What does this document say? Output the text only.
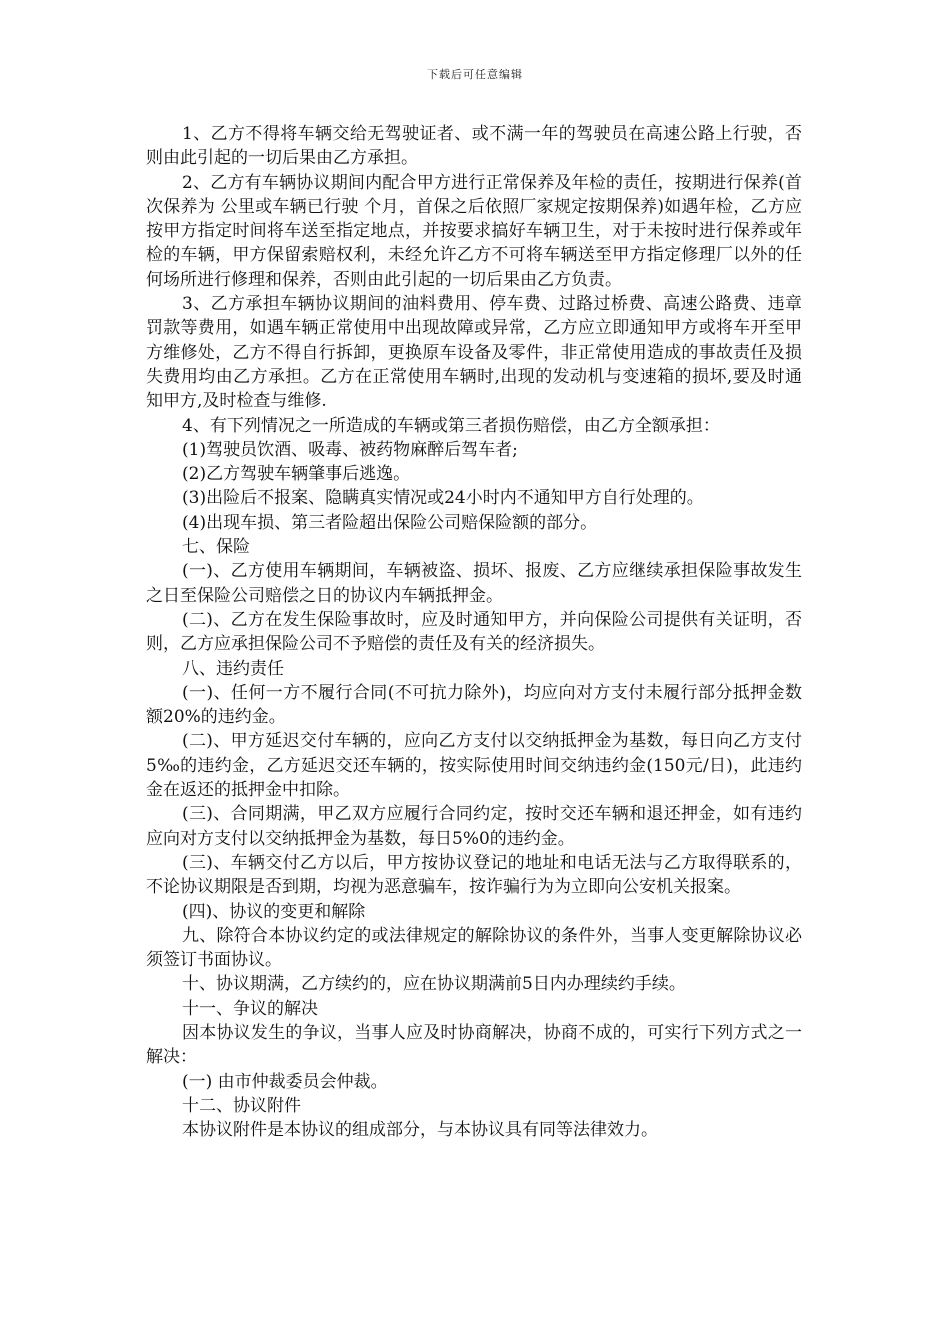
下载后可任意编辑

1、乙方不得将车辆交给无驾驶证者、或不满一年的驾驶员在高速公路上行驶，否则由此引起的一切后果由乙方承担。

2、乙方有车辆协议期间内配合甲方进行正常保养及年检的责任，按期进行保养(首次保养为 公里或车辆已行驶 个月，首保之后依照厂家规定按期保养)如遇年检，乙方应按甲方指定时间将车送至指定地点，并按要求搞好车辆卫生，对于未按时进行保养或年检的车辆，甲方保留索赔权利，未经允许乙方不可将车辆送至甲方指定修理厂以外的任何场所进行修理和保养，否则由此引起的一切后果由乙方负责。

3、乙方承担车辆协议期间的油料费用、停车费、过路过桥费、高速公路费、违章罚款等费用，如遇车辆正常使用中出现故障或异常，乙方应立即通知甲方或将车开至甲方维修处，乙方不得自行拆卸，更换原车设备及零件，非正常使用造成的事故责任及损失费用均由乙方承担。乙方在正常使用车辆时,出现的发动机与变速箱的损坏,要及时通知甲方,及时检查与维修.

4、有下列情况之一所造成的车辆或第三者损伤赔偿，由乙方全额承担：

(1)驾驶员饮酒、吸毒、被药物麻醉后驾车者;

(2)乙方驾驶车辆肇事后逃逸。

(3)出险后不报案、隐瞒真实情况或24小时内不通知甲方自行处理的。

(4)出现车损、第三者险超出保险公司赔保险额的部分。

七、保险

(一)、乙方使用车辆期间，车辆被盗、损坏、报废、乙方应继续承担保险事故发生之日至保险公司赔偿之日的协议内车辆抵押金。

(二)、乙方在发生保险事故时，应及时通知甲方，并向保险公司提供有关证明，否则，乙方应承担保险公司不予赔偿的责任及有关的经济损失。

八、违约责任

(一)、任何一方不履行合同(不可抗力除外)，均应向对方支付未履行部分抵押金数额20%的违约金。

(二)、甲方延迟交付车辆的，应向乙方支付以交纳抵押金为基数，每日向乙方支付5‰的违约金，乙方延迟交还车辆的，按实际使用时间交纳违约金(150元/日)，此违约金在返还的抵押金中扣除。

(三)、合同期满，甲乙双方应履行合同约定，按时交还车辆和退还押金，如有违约应向对方支付以交纳抵押金为基数，每日5%0的违约金。

(三)、车辆交付乙方以后，甲方按协议登记的地址和电话无法与乙方取得联系的，不论协议期限是否到期，均视为恶意骗车，按诈骗行为为立即向公安机关报案。

(四)、协议的变更和解除

九、除符合本协议约定的或法律规定的解除协议的条件外，当事人变更解除协议必须签订书面协议。

十、协议期满，乙方续约的，应在协议期满前5日内办理续约手续。

十一、争议的解决

因本协议发生的争议，当事人应及时协商解决，协商不成的，可实行下列方式之一解决：

(一) 由市仲裁委员会仲裁。

十二、协议附件

本协议附件是本协议的组成部分，与本协议具有同等法律效力。
